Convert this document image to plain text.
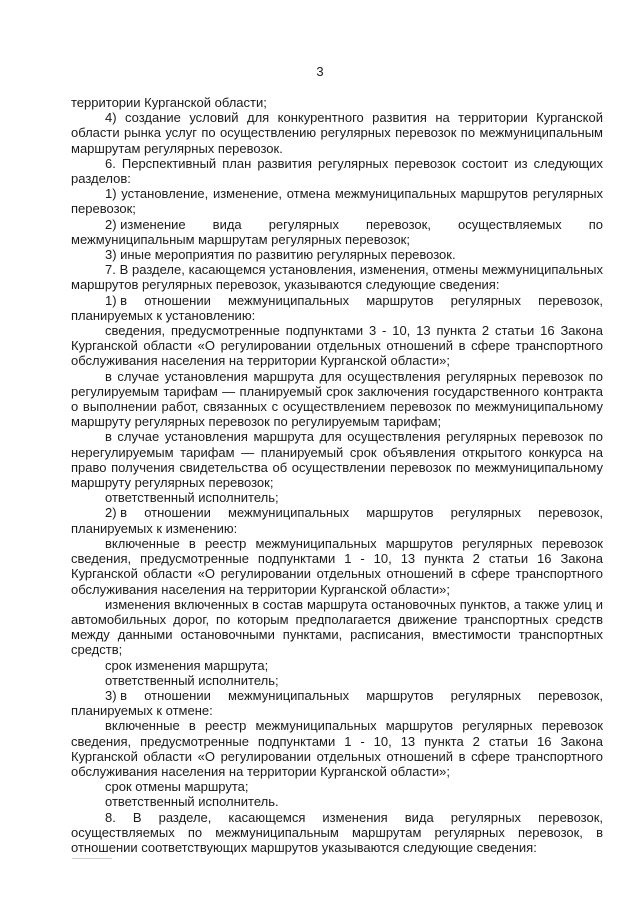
3

территории Курганской области;

4) создание условий для конкурентного развития на территории Курганской области рынка услуг по осуществлению регулярных перевозок по межмуниципальным маршрутам регулярных перевозок.

6. Перспективный план развития регулярных перевозок состоит из следующих разделов:

1) установление, изменение, отмена межмуниципальных маршрутов регулярных перевозок;

2) изменение вида регулярных перевозок, осуществляемых по

межмуниципальным маршрутам регулярных перевозок;

3) иные мероприятия по развитию регулярных перевозок.

7. В разделе, касающемся установления, изменения, отмены межмуниципальных маршрутов регулярных перевозок, указываются следующие сведения:

1) в отношении межмуниципальных маршрутов регулярных перевозок,

планируемых к установлению:

сведения, предусмотренные подпунктами 3 - 10, 13 пункта 2 статьи 16 Закона Курганской области «О регулировании отдельных отношений в сфере транспортного обслуживания населения на территории Курганской области»;

в случае установления маршрута для осуществления регулярных перевозок по регулируемым тарифам — планируемый срок заключения государственного контракта о выполнении работ, связанных с осуществлением перевозок по межмуниципальному маршруту регулярных перевозок по регулируемым тарифам;

в случае установления маршрута для осуществления регулярных перевозок по нерегулируемым тарифам — планируемый срок объявления открытого конкурса на право получения свидетельства об осуществлении перевозок по межмуниципальному маршруту регулярных перевозок;

ответственный исполнитель;

2) в отношении межмуниципальных маршрутов регулярных перевозок,

планируемых к изменению:

включенные в реестр межмуниципальных маршрутов регулярных перевозок сведения, предусмотренные подпунктами 1 - 10, 13 пункта 2 статьи 16 Закона Курганской области «О регулировании отдельных отношений в сфере транспортного обслуживания населения на территории Курганской области»;

изменения включенных в состав маршрута остановочных пунктов, а также улиц и автомобильных дорог, по которым предполагается движение транспортных средств между данными остановочными пунктами, расписания, вместимости транспортных средств;

срок изменения маршрута;

ответственный исполнитель;

3) в отношении межмуниципальных маршрутов регулярных перевозок,

планируемых к отмене:

включенные в реестр межмуниципальных маршрутов регулярных перевозок сведения, предусмотренные подпунктами 1 - 10, 13 пункта 2 статьи 16 Закона Курганской области «О регулировании отдельных отношений в сфере транспортного обслуживания населения на территории Курганской области»;

срок отмены маршрута;

ответственный исполнитель.

8. В разделе, касающемся изменения вида регулярных перевозок, осуществляемых по межмуниципальным маршрутам регулярных перевозок, в отношении соответствующих маршрутов указываются следующие сведения:
